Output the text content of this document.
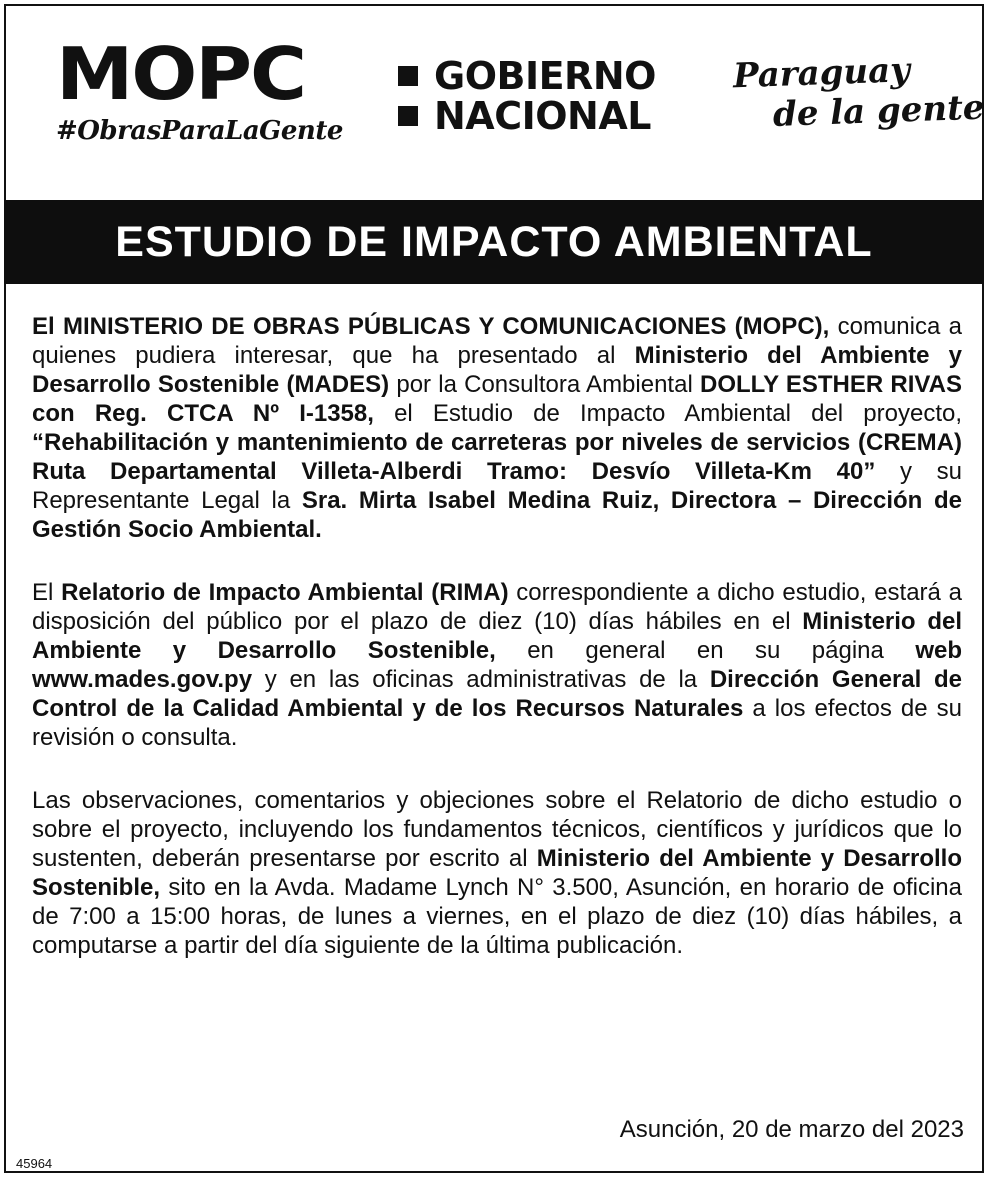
MOPC
#ObrasParaLaGente
GOBIERNO
NACIONAL
Paraguay
de la gente
ESTUDIO DE IMPACTO AMBIENTAL

El MINISTERIO DE OBRAS PÚBLICAS Y COMUNICACIONES (MOPC), comunica a quienes pudiera interesar, que ha presentado al Ministerio del Ambiente y Desarrollo Sostenible (MADES) por la Consultora Ambiental DOLLY ESTHER RIVAS con Reg. CTCA Nº I-1358, el Estudio de Impacto Ambiental del proyecto, “Rehabilitación y mantenimiento de carreteras por niveles de servicios (CREMA) Ruta Departamental Villeta-Alberdi Tramo: Desvío Villeta-Km 40” y su Representante Legal la Sra. Mirta Isabel Medina Ruiz, Directora – Dirección de Gestión Socio Ambiental.

El Relatorio de Impacto Ambiental (RIMA) correspondiente a dicho estudio, estará a disposición del público por el plazo de diez (10) días hábiles en el Ministerio del Ambiente y Desarrollo Sostenible, en general en su página web www.mades.gov.py y en las oficinas administrativas de la Dirección General de Control de la Calidad Ambiental y de los Recursos Naturales a los efectos de su revisión o consulta.

Las observaciones, comentarios y objeciones sobre el Relatorio de dicho estudio o sobre el proyecto, incluyendo los fundamentos técnicos, científicos y jurídicos que lo sustenten, deberán presentarse por escrito al Ministerio del Ambiente y Desarrollo Sostenible, sito en la Avda. Madame Lynch N° 3.500, Asunción, en horario de oficina de 7:00 a 15:00 horas, de lunes a viernes, en el plazo de diez (10) días hábiles, a computarse a partir del día siguiente de la última publicación.

Asunción, 20 de marzo del 2023
45964
